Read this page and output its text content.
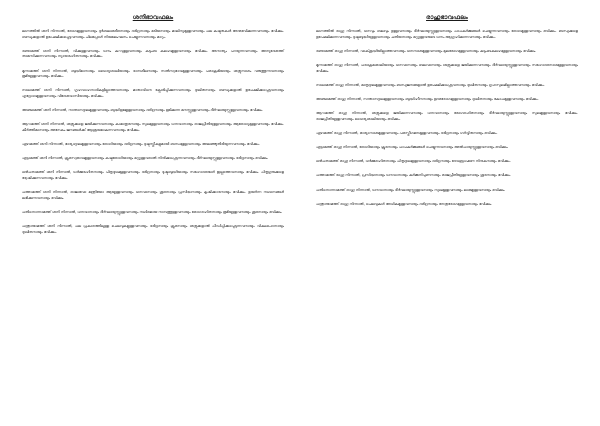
ശനിഭാവഫലം

ലഗ്നത്തിൽ ശനി നിന്നാൽ, രോഗമുള്ളവനായും ദുർബലശരീരനായും ദരിദ്രനായും മടിയനായും മാലിന്യമുള്ളവനായും പല കഷ്ടതകൾ അനുഭവിക്കുന്നവനായും ഭവിക്കും. ബന്ധുക്കളാൽ ഉപേക്ഷിക്കപ്പെട്ടവനായും ചിലപ്പോൾ നിയമലംഘനം ചെയ്യുന്നവനായും മാറും.

രണ്ടാമത്ത് ശനി നിന്നാൽ, വിക്കുള്ളവനായും ധനം കുറവുള്ളവനായും കുടുംബ കലഹമുള്ളവനായും ഭവിക്കും. അസത്യം പറയുന്നവനായും അന്യദേശത്ത് താമസിക്കുന്നവനായും ന്യായരഹിതനായും ഭവിക്കും.

മൂന്നാമത്ത് ശനി നിന്നാൽ, ബുദ്ധിമാനായും ധൈര്യശാലിയായും ദാനശീലനായും സൽസ്വഭാവമുള്ളവനായും പരാക്രമിയായും ശത്രുനാശം വരുത്തുന്നവനായും ഭൂമിയുള്ളവനായും ഭവിക്കും.

നാലാമത്ത് ശനി നിന്നാൽ, ഗൃഹവാഹനാദികളില്ലാത്തവനായും മാതാവിനെ ക്ലേശിപ്പിക്കുന്നവനായും ദുഃഖിതനായും ബന്ധുക്കളാൽ ഉപേക്ഷിക്കപ്പെട്ടവനായും ഹൃദ്രോഗമുള്ളവനായും വിദേശവാസിയായും ഭവിക്കും.

അഞ്ചാമത്ത് ശനി നിന്നാൽ, സന്താനദുഃഖമുള്ളവനായും ബുദ്ധിഭ്രമമുള്ളവനായും ദരിദ്രനായും ഭ്രമിക്കുന്ന മനസ്സുള്ളവനായും ദീർഘായുസ്സുള്ളവനായും ഭവിക്കും.

ആറാമത്ത് ശനി നിന്നാൽ, ശത്രുക്കളെ ജയിക്കുന്നവനായും കാമാതുരനായും സുഖമുള്ളവനായും ധനവാനായും രാജപ്രീതിയുള്ളവനായും ആരോഗ്യമുള്ളവനായും ഭവിക്കും. കീർത്തിമാനായും അനേകം ജനങ്ങൾക്ക് ആശ്രയമാകുന്നവനായും ഭവിക്കും.

ഏഴാമത്ത് ശനി നിന്നാൽ, ഭാര്യാദുഃഖമുള്ളവനായും രോഗിയായും ദരിദ്രനായും ദുഷ്ടസ്ത്രീകളുമായി ബന്ധമുള്ളവനായും അലഞ്ഞുതിരിയുന്നവനായും ഭവിക്കും.

എട്ടാമത്ത് ശനി നിന്നാൽ, ക്രൂരസ്വഭാവമുള്ളവനായും കുഷ്ഠരോഗിയായും മറ്റുള്ളവരാൽ നിന്ദിക്കപ്പെടുന്നവനായും ദീർഘായുസ്സുള്ളവനായും ദരിദ്രനായും ഭവിക്കും.

ഒൻപതാമത്ത് ശനി നിന്നാൽ, ധർമ്മരഹിതനായും പിതൃദുഃഖമുള്ളവനായും ദരിദ്രനായും ദുഷ്ടബുദ്ധിയായും സഹോദരന്മാർ ഇല്ലാത്തവനായും ഭവിക്കും. പിതൃഗുരുക്കളെ ദ്വേഷിക്കുന്നവനായും ഭവിക്കും.

പത്താമത്ത് ശനി നിന്നാൽ, രാജാവോ മന്ത്രിയോ ആയുള്ളവനായും ധനവാനായും ശൂരനായും പ്രസിദ്ധനായും കൃഷിക്കാരനായും ഭവിക്കും. ഉയർന്ന സ്ഥാനങ്ങൾ ലഭിക്കുന്നവനായും ഭവിക്കും.

പതിനൊന്നാമത്ത് ശനി നിന്നാൽ, ധനവാനായും ദീർഘായുസ്സുള്ളവനായും സ്ഥിരമായ സമ്പത്തുള്ളവനായും രോഗരഹിതനായും ഭൂമിയുള്ളവനായും ശൂരനായും ഭവിക്കും.

പന്ത്രണ്ടാമത്ത് ശനി നിന്നാൽ, പല പ്രകാരത്തിലുള്ള ചെലവുകളുള്ളവനായും ദരിദ്രനായും ക്രൂരനായും ശത്രുക്കളാൽ പീഡിപ്പിക്കപ്പെടുന്നവനായും വികലാംഗനായും ദുഃഖിതനായും ഭവിക്കും.

രാഹുഭാവഫലം

ലഗ്നത്തിൽ രാഹു നിന്നാൽ, ധനവും ബലവും ഉള്ളവനായും ദീർഘായുസ്സുള്ളവനായും പാപകർമ്മങ്ങൾ ചെയ്യുന്നവനായും രോഗമുള്ളവനായും ഭവിക്കും. ബന്ധുക്കളെ ഉപേക്ഷിക്കുന്നവനായും ദുഷ്ടബുദ്ധിയുള്ളവനായും ചതിയനായും മറ്റുള്ളവരുടെ ധനം ആഗ്രഹിക്കുന്നവനായും ഭവിക്കും.

രണ്ടാമത്ത് രാഹു നിന്നാൽ, വാക്ശുദ്ധിയില്ലാത്തവനായും ധനനാശമുള്ളവനായും മുഖരോഗമുള്ളവനായും കുടുംബകലഹമുള്ളവനായും ഭവിക്കും.

മൂന്നാമത്ത് രാഹു നിന്നാൽ, പരാക്രമശാലിയായും ധനവാനായും ബലവാനായും ശത്രുക്കളെ ജയിക്കുന്നവനായും ദീർഘായുസ്സുള്ളവനായും സഹോദരനാശമുള്ളവനായും ഭവിക്കും.

നാലാമത്ത് രാഹു നിന്നാൽ, മാതൃദുഃഖമുള്ളവനായും ബന്ധുജനങ്ങളാൽ ഉപേക്ഷിക്കപ്പെട്ടവനായും ദുഃഖിതനായും ഗൃഹസുഖമില്ലാത്തവനായും ഭവിക്കും.

അഞ്ചാമത്ത് രാഹു നിന്നാൽ, സന്താനദുഃഖമുള്ളവനായും ബുദ്ധിഹീനനായും ഉദരരോഗമുള്ളവനായും ദുഃഖിതനായും കോപമുള്ളവനായും ഭവിക്കും.

ആറാമത്ത് രാഹു നിന്നാൽ, ശത്രുക്കളെ ജയിക്കുന്നവനായും ധനവാനായും രോഗരഹിതനായും ദീർഘായുസ്സുള്ളവനായും സുഖമുള്ളവനായും ഭവിക്കും. രാജപ്രീതിയുള്ളവനായും ധൈര്യശാലിയായും ഭവിക്കും.

ഏഴാമത്ത് രാഹു നിന്നാൽ, ഭാര്യാനാശമുള്ളവനായും പരസ്ത്രീഗമനമുള്ളവനായും ദരിദ്രനായും ഗർവ്വിതനായും ഭവിക്കും.

എട്ടാമത്ത് രാഹു നിന്നാൽ, രോഗിയായും ക്രൂരനായും പാപകർമ്മങ്ങൾ ചെയ്യുന്നവനായും അൽപായുസ്സുള്ളവനായും ഭവിക്കും.

ഒൻപതാമത്ത് രാഹു നിന്നാൽ, ധർമ്മരഹിതനായും പിതൃദുഃഖമുള്ളവനായും ദരിദ്രനായും ദേവബ്രാഹ്മണ നിന്ദകനായും ഭവിക്കും.

പത്താമത്ത് രാഹു നിന്നാൽ, പ്രസിദ്ധനായും ധനവാനായും കർമ്മനിപുണനായും രാജപ്രീതിയുള്ളവനായും ശൂരനായും ഭവിക്കും.

പതിനൊന്നാമത്ത് രാഹു നിന്നാൽ, ധനവാനായും ദീർഘായുസ്സുള്ളവനായും സുഖമുള്ളവനായും ലാഭമുള്ളവനായും ഭവിക്കും.

പന്ത്രണ്ടാമത്ത് രാഹു നിന്നാൽ, ചെലവുകൾ അധികമുള്ളവനായും ദരിദ്രനായും നേത്രരോഗമുള്ളവനായും ഭവിക്കും.
